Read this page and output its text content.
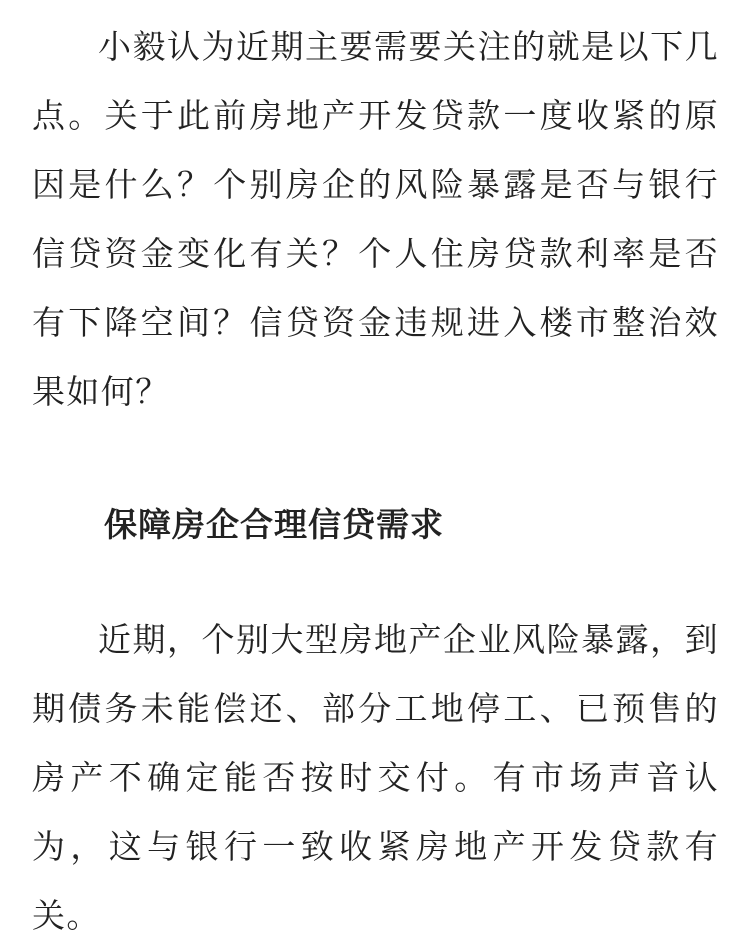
小毅认为近期主要需要关注的就是以下几点。关于此前房地产开发贷款一度收紧的原因是什么？个别房企的风险暴露是否与银行信贷资金变化有关？个人住房贷款利率是否有下降空间？信贷资金违规进入楼市整治效果如何？

保障房企合理信贷需求

近期，个别大型房地产企业风险暴露，到期债务未能偿还、部分工地停工、已预售的房产不确定能否按时交付。有市场声音认为，这与银行一致收紧房地产开发贷款有关。
